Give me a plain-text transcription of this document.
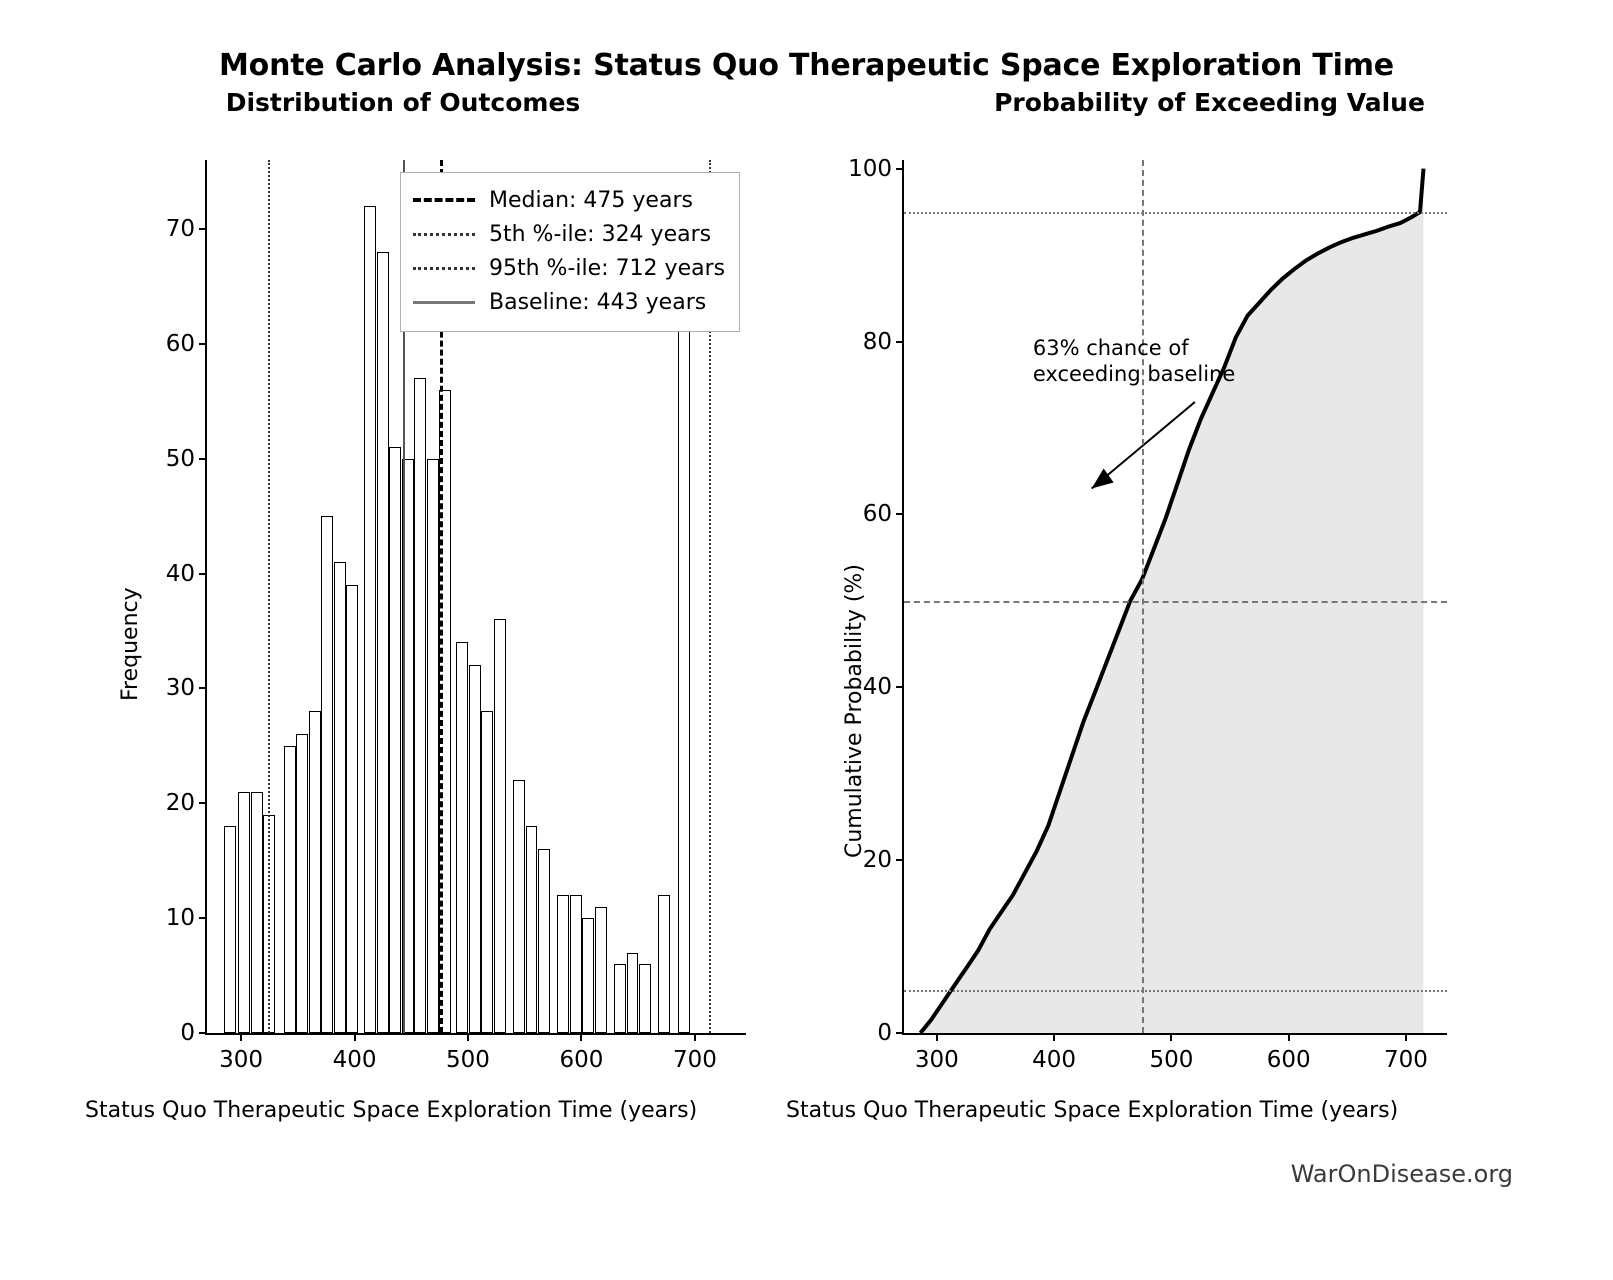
Monte Carlo Analysis: Status Quo Therapeutic Space Exploration Time
Distribution of Outcomes
Frequency
0
10
20
30
40
50
60
70
300	400	500	600	700
Status Quo Therapeutic Space Exploration Time (years)
Median: 475 years
5th %-ile: 324 years
95th %-ile: 712 years
Baseline: 443 years
Probability of Exceeding Value
Cumulative Probability (%)
0
20
40
60
80
100
300	400	500	600	700
63% chance of
exceeding baseline
Status Quo Therapeutic Space Exploration Time (years)
WarOnDisease.org
